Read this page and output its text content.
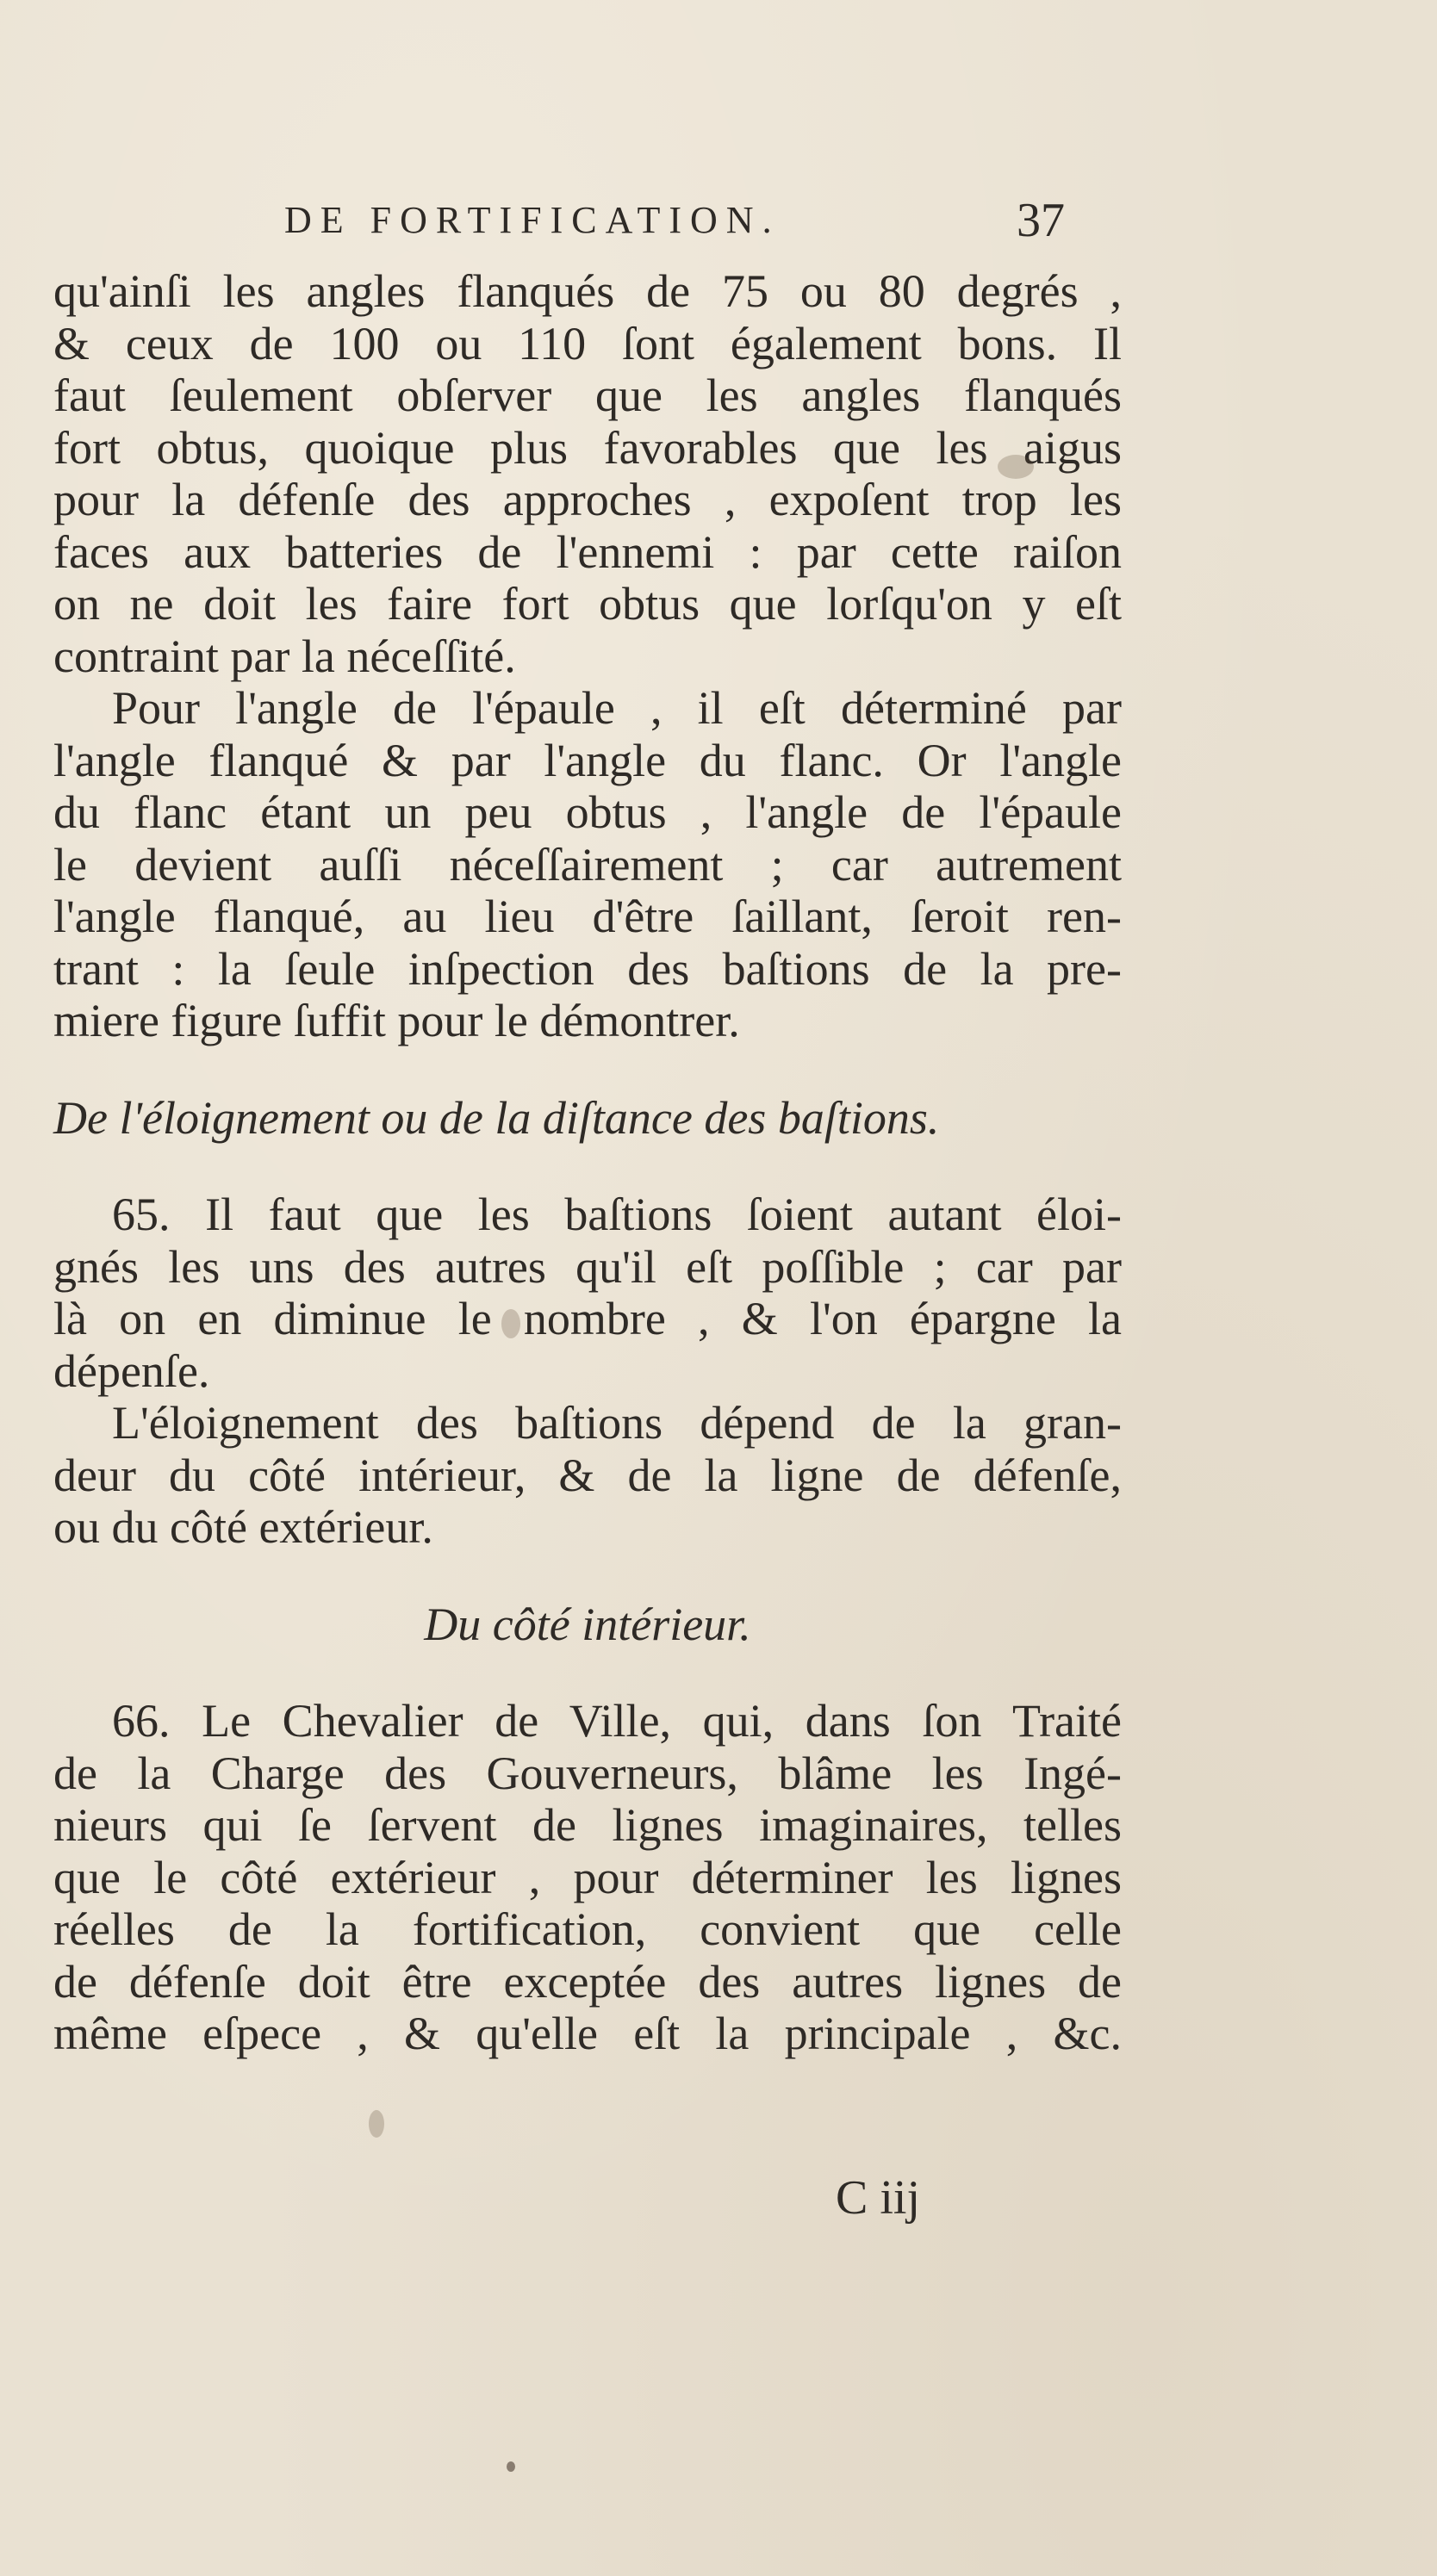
DE FORTIFICATION.	37
qu'ainſi les angles flanqués de 75 ou 80 degrés ,
& ceux de 100 ou 110 ſont également bons. Il
faut ſeulement obſerver que les angles flanqués
fort obtus, quoique plus favorables que les aigus
pour la défenſe des approches , expoſent trop les
faces aux batteries de l'ennemi : par cette raiſon
on ne doit les faire fort obtus que lorſqu'on y eſt
contraint par la néceſſité.
Pour l'angle de l'épaule , il eſt déterminé par
l'angle flanqué & par l'angle du flanc. Or l'angle
du flanc étant un peu obtus , l'angle de l'épaule
le devient auſſi néceſſairement ; car autrement
l'angle flanqué, au lieu d'être ſaillant, ſeroit ren-
trant : la ſeule inſpection des baſtions de la pre-
miere figure ſuffit pour le démontrer.
De l'éloignement ou de la diſtance des baſtions.
65. Il faut que les baſtions ſoient autant éloi-
gnés les uns des autres qu'il eſt poſſible ; car par
là on en diminue le nombre , & l'on épargne la
dépenſe.
L'éloignement des baſtions dépend de la gran-
deur du côté intérieur, & de la ligne de défenſe,
ou du côté extérieur.
Du côté intérieur.
66. Le Chevalier de Ville, qui, dans ſon Traité
de la Charge des Gouverneurs, blâme les Ingé-
nieurs qui ſe ſervent de lignes imaginaires, telles
que le côté extérieur , pour déterminer les lignes
réelles de la fortification, convient que celle
de défenſe doit être exceptée des autres lignes de
même eſpece , & qu'elle eſt la principale , &c.
C iij
